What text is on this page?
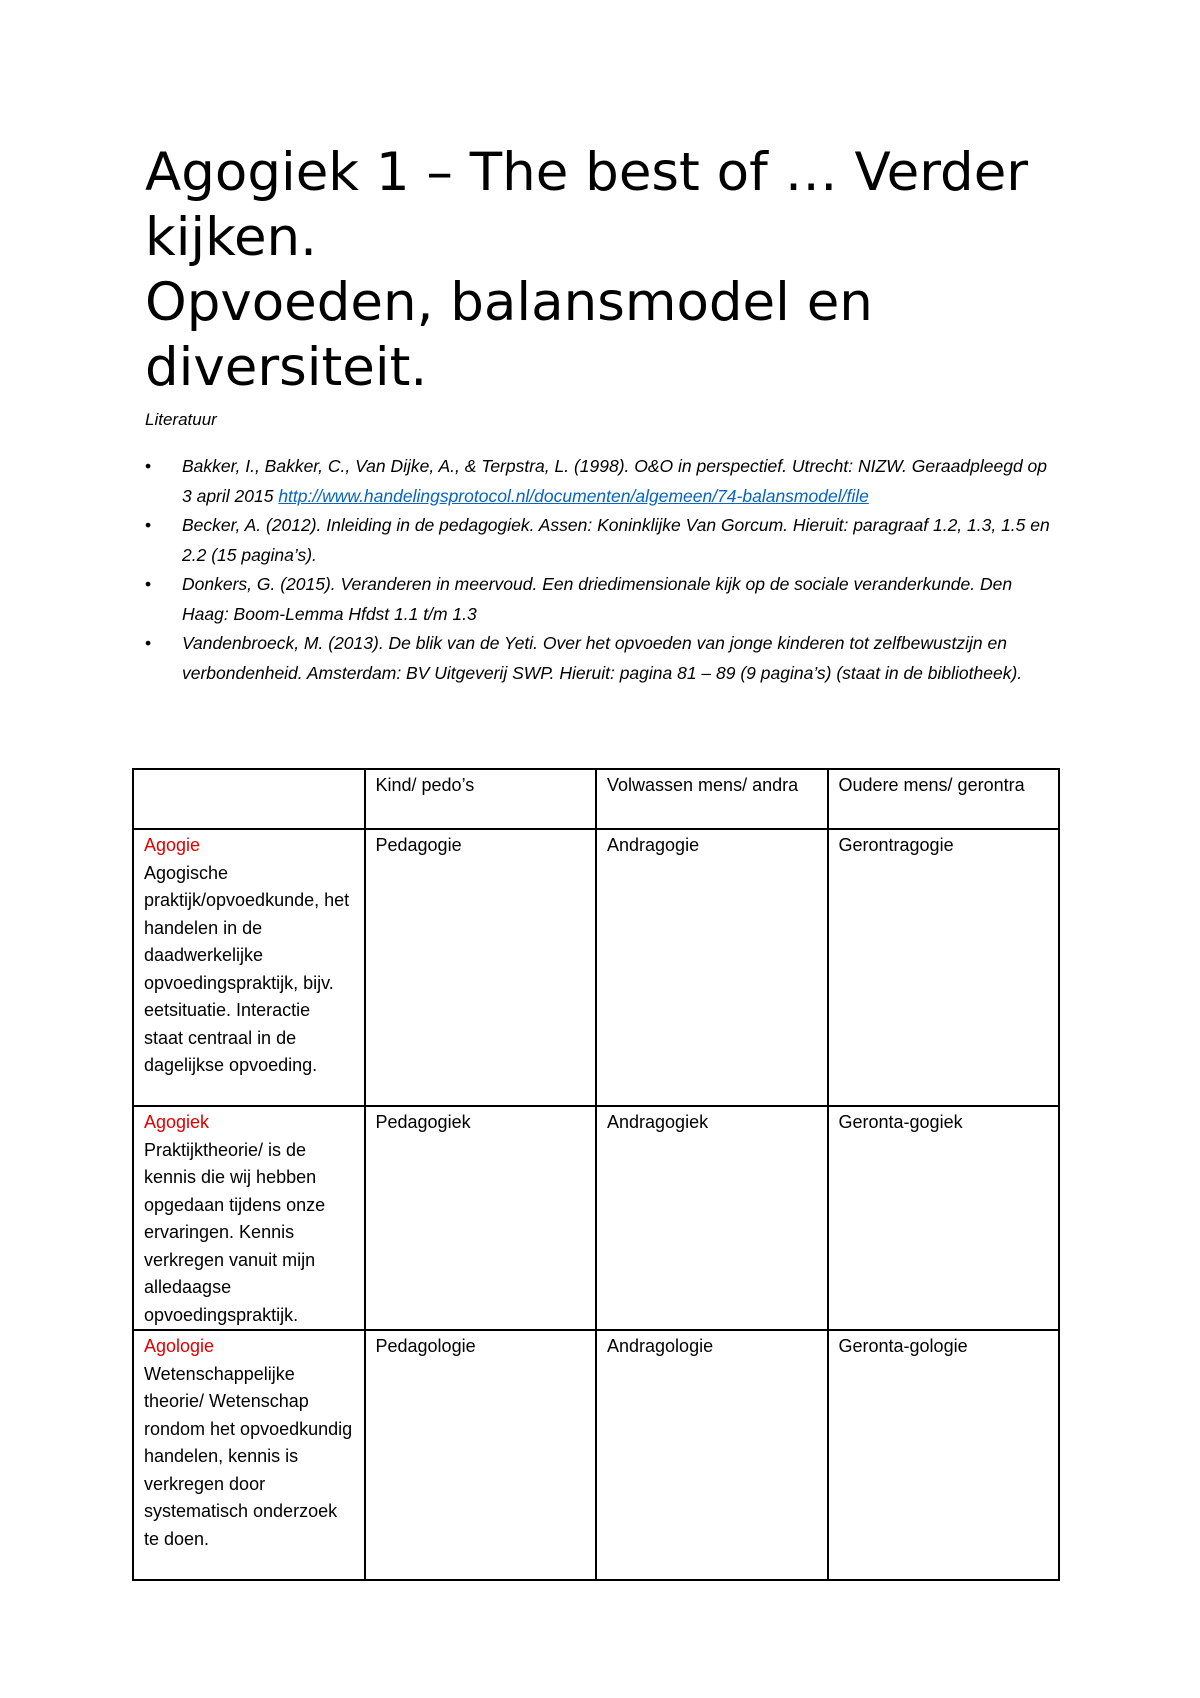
Agogiek 1 – The best of … Verder kijken.
Opvoeden, balansmodel en diversiteit.
Literatuur
• Bakker, I., Bakker, C., Van Dijke, A., & Terpstra, L. (1998). O&O in perspectief. Utrecht: NIZW. Geraadpleegd op 3 april 2015 http://www.handelingsprotocol.nl/documenten/algemeen/74-balansmodel/file
• Becker, A. (2012). Inleiding in de pedagogiek. Assen: Koninklijke Van Gorcum. Hieruit: paragraaf 1.2, 1.3, 1.5 en 2.2 (15 pagina’s).
• Donkers, G. (2015). Veranderen in meervoud. Een driedimensionale kijk op de sociale veranderkunde. Den Haag: Boom-Lemma Hfdst 1.1 t/m 1.3
• Vandenbroeck, M. (2013). De blik van de Yeti. Over het opvoeden van jonge kinderen tot zelfbewustzijn en verbondenheid. Amsterdam: BV Uitgeverij SWP. Hieruit: pagina 81 – 89 (9 pagina’s) (staat in de bibliotheek).
	Kind/ pedo’s	Volwassen mens/ andra	Oudere mens/ gerontra
Agogie
Agogische praktijk/opvoedkunde, het handelen in de daadwerkelijke opvoedingspraktijk, bijv. eetsituatie. Interactie staat centraal in de dagelijkse opvoeding.	Pedagogie	Andragogie	Gerontragogie
Agogiek
Praktijktheorie/ is de kennis die wij hebben opgedaan tijdens onze ervaringen. Kennis verkregen vanuit mijn alledaagse opvoedingspraktijk.	Pedagogiek	Andragogiek	Geronta-gogiek
Agologie
Wetenschappelijke theorie/ Wetenschap rondom het opvoedkundig handelen, kennis is verkregen door systematisch onderzoek te doen.	Pedagologie	Andragologie	Geronta-gologie
